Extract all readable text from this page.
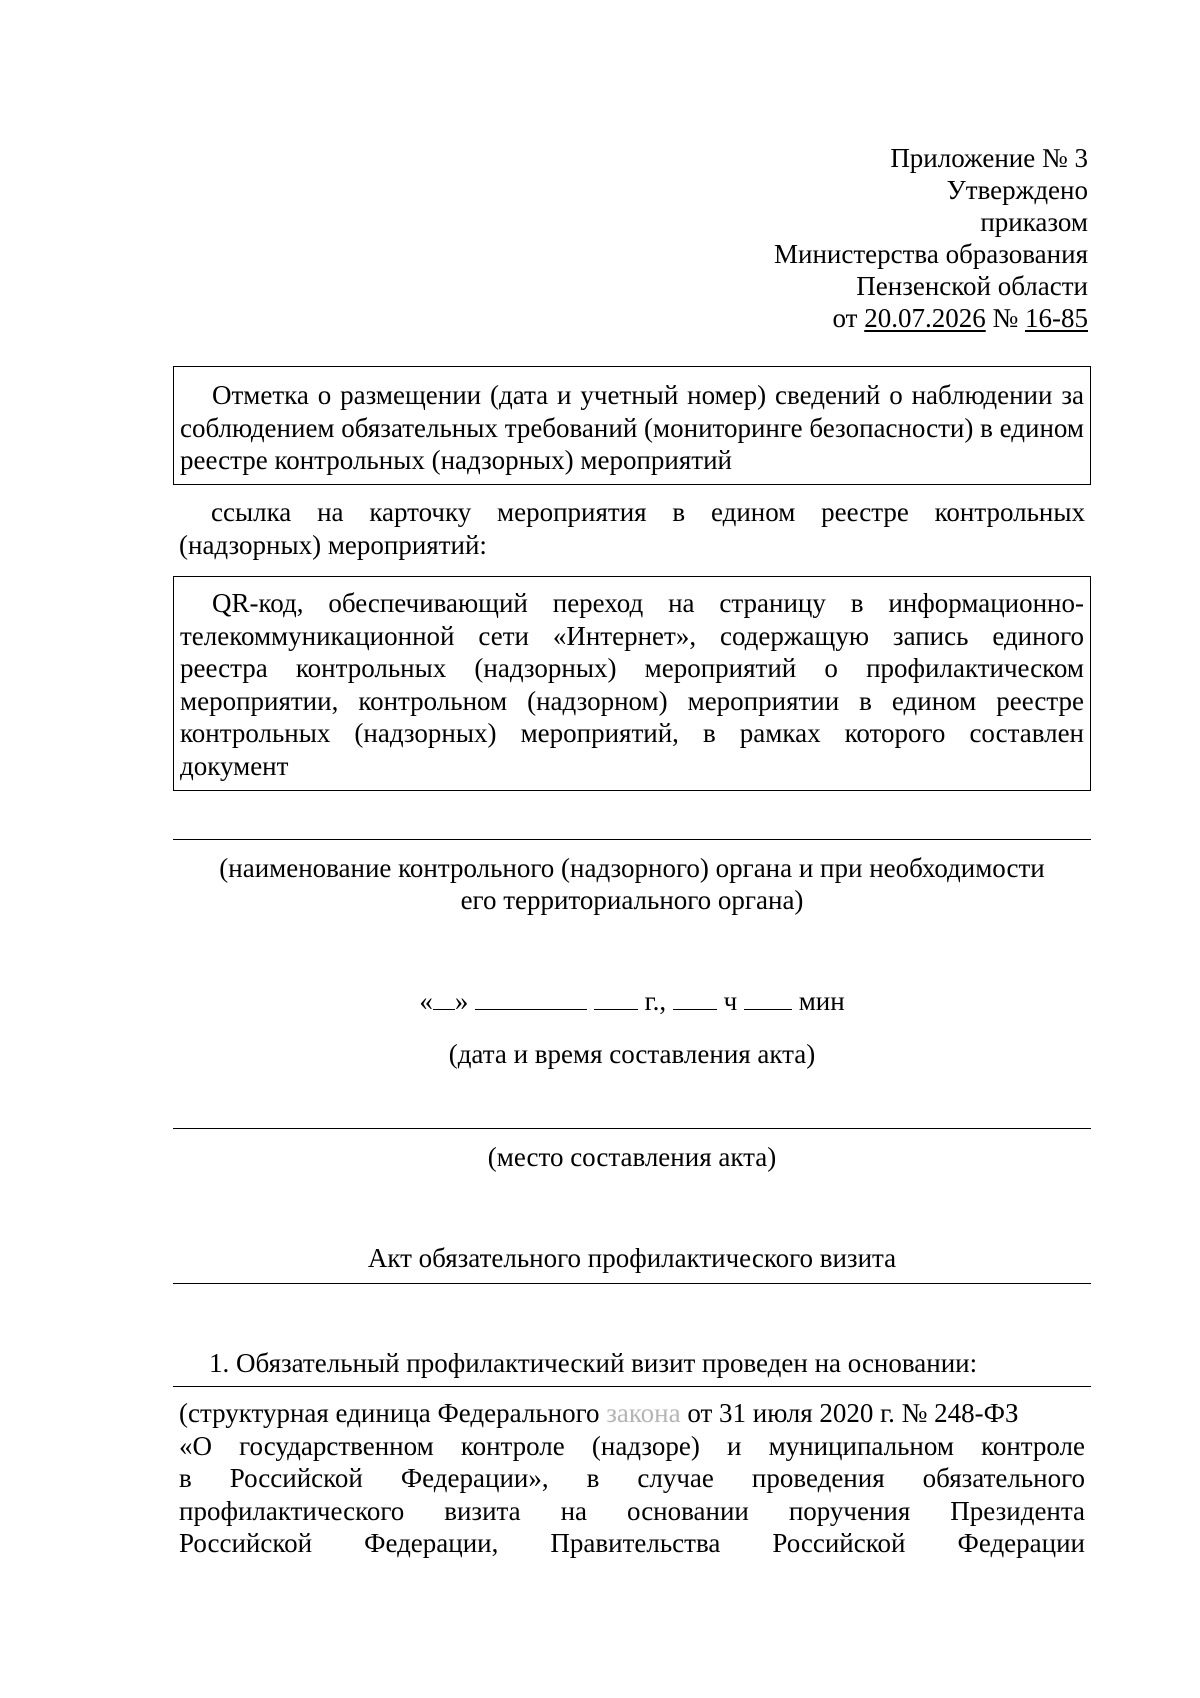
Приложение № 3
Утверждено
приказом
Министерства образования
Пензенской области
от 20.07.2026 № 16-85

Отметка о размещении (дата и учетный номер) сведений о наблюдении за соблюдением обязательных требований (мониторинге безопасности) в едином реестре контрольных (надзорных) мероприятий

ссылка на карточку мероприятия в едином реестре контрольных (надзорных) мероприятий:

QR-код, обеспечивающий переход на страницу в информационно-телекоммуникационной сети «Интернет», содержащую запись единого реестра контрольных (надзорных) мероприятий о профилактическом мероприятии, контрольном (надзорном) мероприятии в едином реестре контрольных (надзорных) мероприятий, в рамках которого составлен документ

(наименование контрольного (надзорного) органа и при необходимости
его территориального органа)
« »	г., ч мин
(дата и время составления акта)
(место составления акта)
Акт обязательного профилактического визита
1. Обязательный профилактический визит проведен на основании:
(структурная единица Федерального закона от 31 июля 2020 г. № 248-ФЗ
«О государственном контроле (надзоре) и муниципальном контроле
в Российской Федерации», в случае проведения обязательного
профилактического визита на основании поручения Президента
Российской Федерации, Правительства Российской Федерации
